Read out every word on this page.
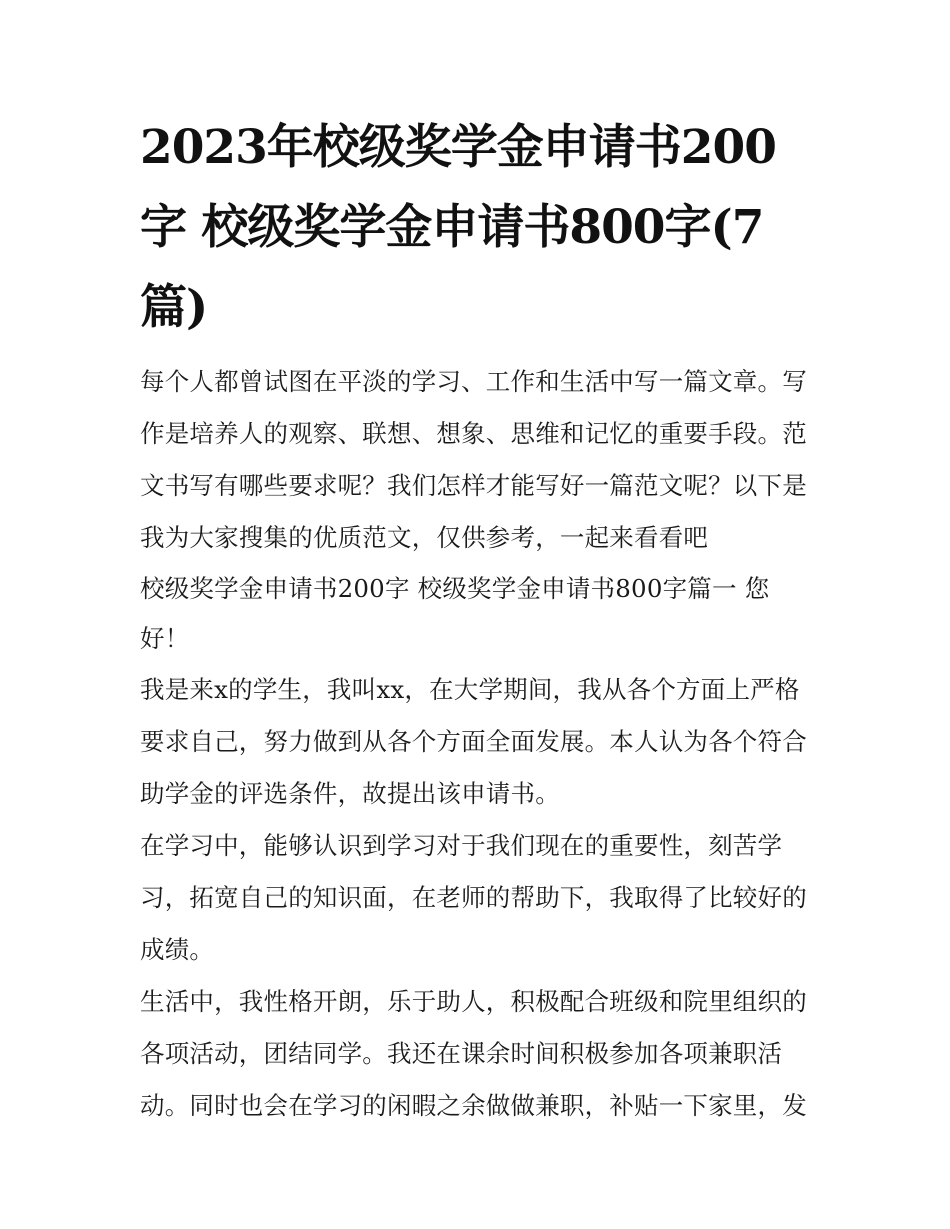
2023年校级奖学金申请书200字 校级奖学金申请书800字(7篇)

每个人都曾试图在平淡的学习、工作和生活中写一篇文章。写作是培养人的观察、联想、想象、思维和记忆的重要手段。范文书写有哪些要求呢？我们怎样才能写好一篇范文呢？以下是我为大家搜集的优质范文，仅供参考，一起来看看吧

校级奖学金申请书200字 校级奖学金申请书800字篇一 您好！

我是来x的学生，我叫xx，在大学期间，我从各个方面上严格要求自己，努力做到从各个方面全面发展。本人认为各个符合助学金的评选条件，故提出该申请书。

在学习中，能够认识到学习对于我们现在的重要性，刻苦学习，拓宽自己的知识面，在老师的帮助下，我取得了比较好的成绩。

生活中，我性格开朗，乐于助人，积极配合班级和院里组织的各项活动，团结同学。我还在课余时间积极参加各项兼职活动。同时也会在学习的闲暇之余做做兼职，补贴一下家里，发
